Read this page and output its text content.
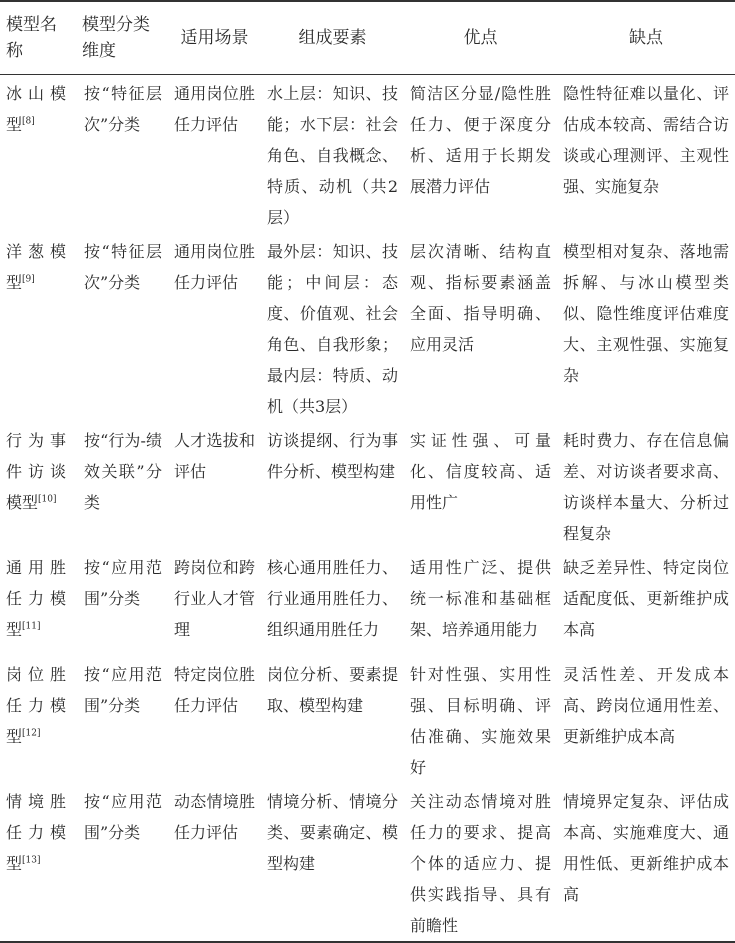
模型名称	模型分类维度	适用场景	组成要素	优点	缺点
冰山模型[8]	按“特征层次”分类	通用岗位胜任力评估	水上层：知识、技能；水下层：社会角色、自我概念、特质、动机（共2层）	简洁区分显/隐性胜任力、便于深度分析、适用于长期发展潜力评估	隐性特征难以量化、评估成本较高、需结合访谈或心理测评、主观性强、实施复杂
洋葱模型[9]	按“特征层次”分类	通用岗位胜任力评估	最外层：知识、技能；中间层：态度、价值观、社会角色、自我形象；最内层：特质、动机（共3层）	层次清晰、结构直观、指标要素涵盖全面、指导明确、应用灵活	模型相对复杂、落地需拆解、与冰山模型类似、隐性维度评估难度大、主观性强、实施复杂
行为事件访谈模型[10]	按“行为-绩效关联”分类	人才选拔和评估	访谈提纲、行为事件分析、模型构建	实证性强、可量化、信度较高、适用性广	耗时费力、存在信息偏差、对访谈者要求高、访谈样本量大、分析过程复杂
通用胜任力模型[11]	按“应用范围”分类	跨岗位和跨行业人才管理	核心通用胜任力、行业通用胜任力、组织通用胜任力	适用性广泛、提供统一标准和基础框架、培养通用能力	缺乏差异性、特定岗位适配度低、更新维护成本高
岗位胜任力模型[12]	按“应用范围”分类	特定岗位胜任力评估	岗位分析、要素提取、模型构建	针对性强、实用性强、目标明确、评估准确、实施效果好	灵活性差、开发成本高、跨岗位通用性差、更新维护成本高
情境胜任力模型[13]	按“应用范围”分类	动态情境胜任力评估	情境分析、情境分类、要素确定、模型构建	关注动态情境对胜任力的要求、提高个体的适应力、提供实践指导、具有前瞻性	情境界定复杂、评估成本高、实施难度大、通用性低、更新维护成本高
